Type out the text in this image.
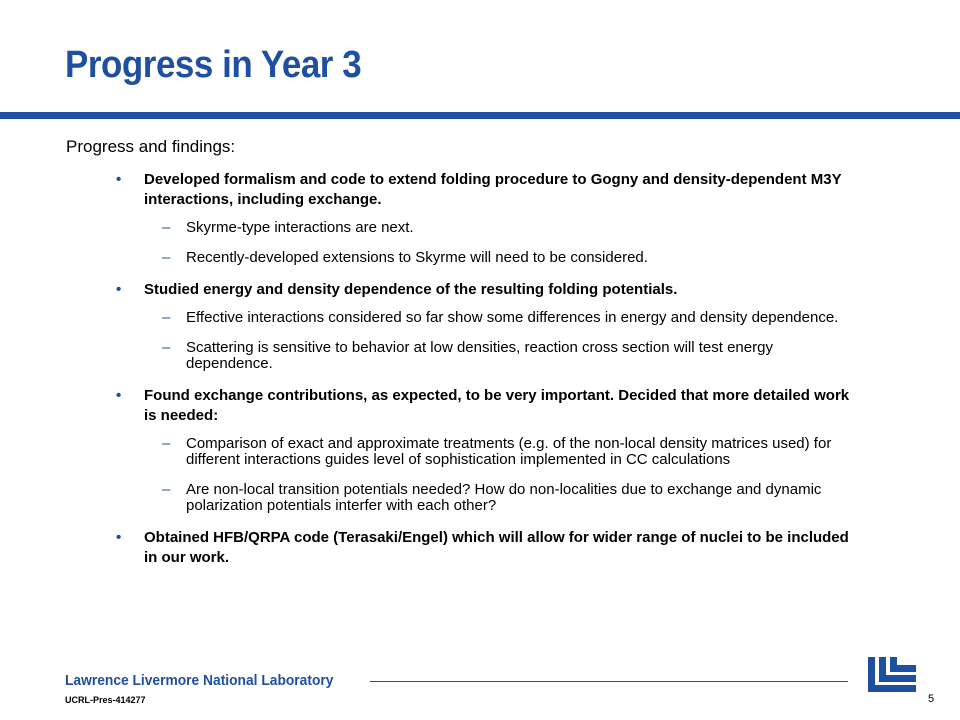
Progress in Year 3
Progress and findings:
• Developed formalism and code to extend folding procedure to Gogny and density-dependent M3Y interactions, including exchange.
– Skyrme-type interactions are next.
– Recently-developed extensions to Skyrme will need to be considered.
• Studied energy and density dependence of the resulting folding potentials.
– Effective interactions considered so far show some differences in energy and density dependence.
– Scattering is sensitive to behavior at low densities, reaction cross section will test energy dependence.
• Found exchange contributions, as expected, to be very important. Decided that more detailed work is needed:
– Comparison of exact and approximate treatments (e.g. of the non-local density matrices used) for different interactions guides level of sophistication implemented in CC calculations
– Are non-local transition potentials needed? How do non-localities due to exchange and dynamic polarization potentials interfer with each other?
• Obtained HFB/QRPA code (Terasaki/Engel) which will allow for wider range of nuclei to be included in our work.
Lawrence Livermore National Laboratory
UCRL-Pres-414277	5
